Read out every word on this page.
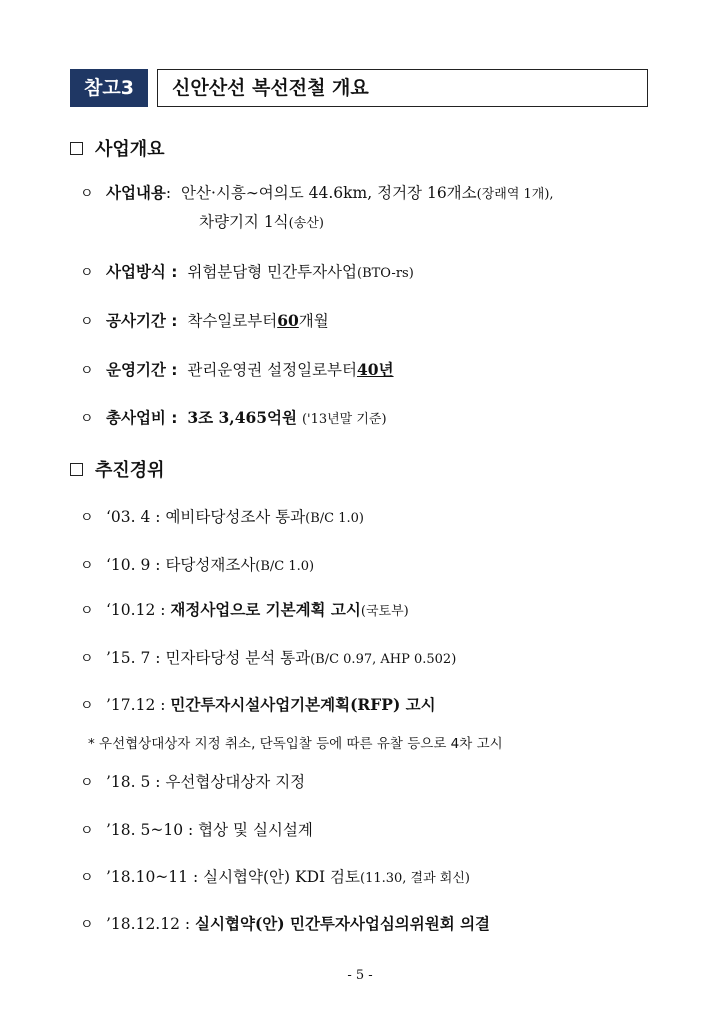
참고3	신안산선 복선전철 개요
사업개요
ㅇ 사업내용 :
안산·시흥∼여의도 44.6km, 정거장 16개소 (장래역 1개),
차량기지 1식(송산)
ㅇ 사업방식 :
위험분담형 민간투자사업 (BTO-rs)
ㅇ 공사기간 :
착수일로부터 60 개월
ㅇ 운영기간 :
관리운영권 설정일로부터 40년
ㅇ 총사업비 :
3조 3,465억원
('13년말 기준)
추진경위
ㅇ ‘03. 4 :
예비타당성조사 통과 (B/C 1.0)
ㅇ ‘10. 9 :
타당성재조사 (B/C 1.0)
ㅇ ‘10.12 :
재정사업으로 기본계획 고시 (국토부)
ㅇ ’15. 7 :
민자타당성 분석 통과 (B/C 0.97, AHP 0.502)
ㅇ ’17.12 :
민간투자시설사업기본계획(RFP) 고시
* 우선협상대상자 지정 취소, 단독입찰 등에 따른 유찰 등으로 4차 고시
ㅇ ’18. 5 :
우선협상대상자 지정
ㅇ ’18. 5~10 :
협상 및 실시설계
ㅇ ’18.10~11 :
실시협약(안) KDI 검토 (11.30, 결과 회신)
ㅇ ’18.12.12 :
실시협약(안) 민간투자사업심의위원회 의결
- 5 -
